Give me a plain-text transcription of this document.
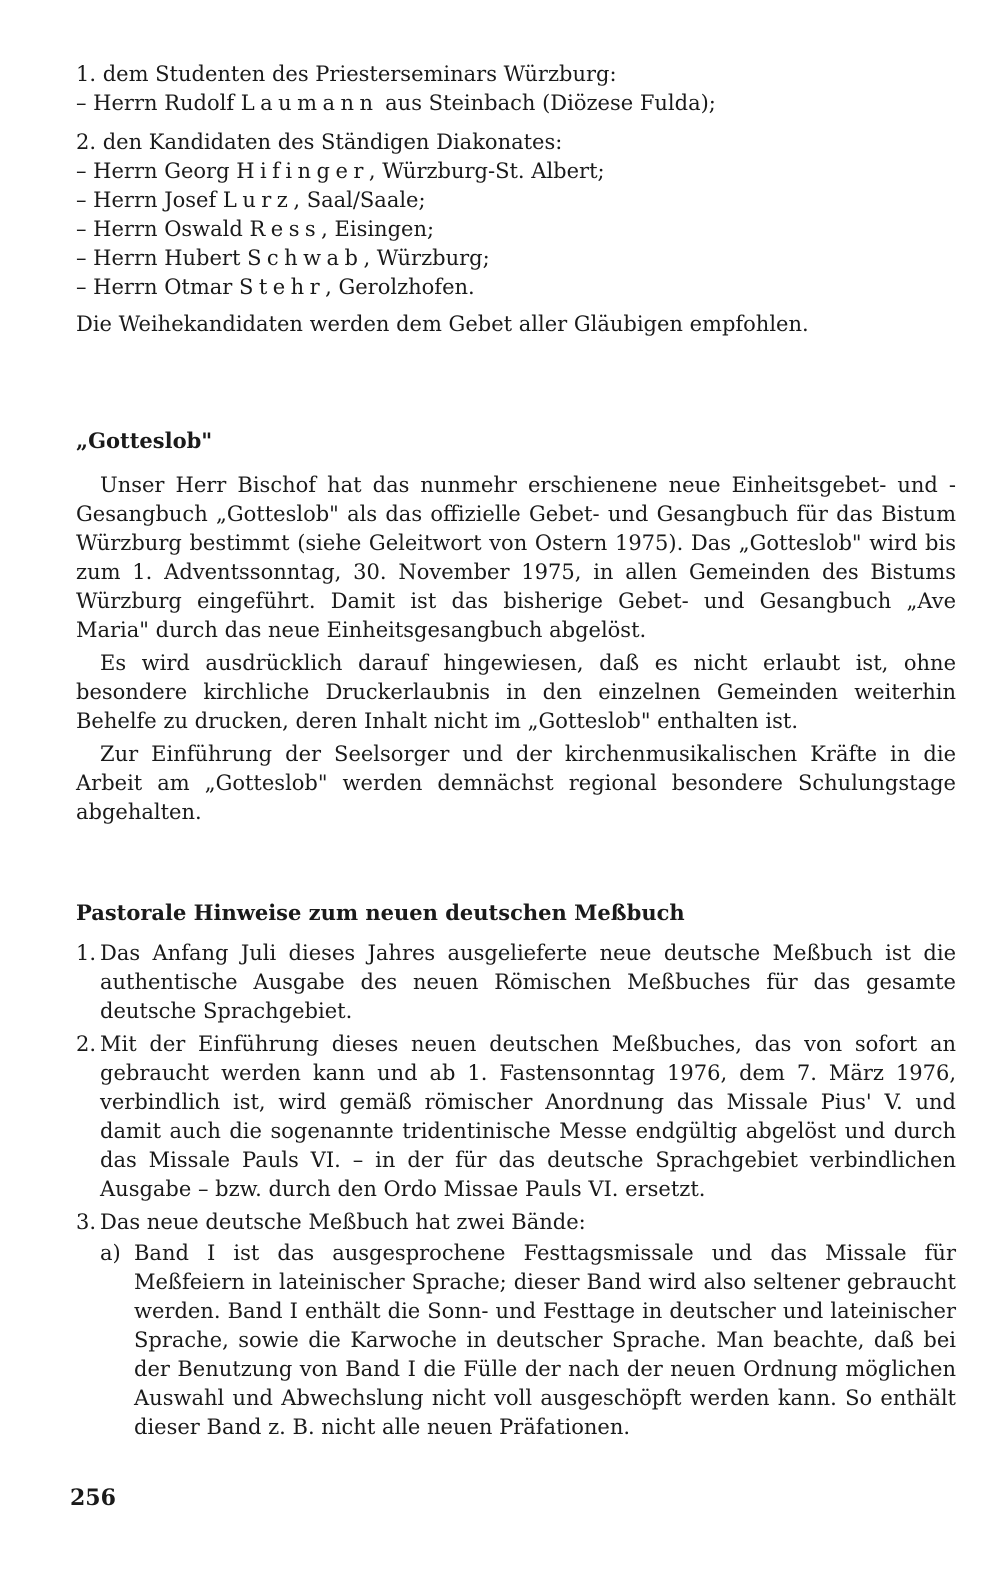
1. dem Studenten des Priesterseminars Würzburg:
– Herrn Rudolf Laumann aus Steinbach (Diözese Fulda);
2. den Kandidaten des Ständigen Diakonates:
– Herrn Georg Hifinger, Würzburg-St. Albert;
– Herrn Josef Lurz, Saal/Saale;
– Herrn Oswald Ress, Eisingen;
– Herrn Hubert Schwab, Würzburg;
– Herrn Otmar Stehr, Gerolzhofen.
Die Weihekandidaten werden dem Gebet aller Gläubigen empfohlen.
„Gotteslob"
Unser Herr Bischof hat das nunmehr erschienene neue Einheitsgebet- und -Gesangbuch „Gotteslob" als das offizielle Gebet- und Gesangbuch für das Bistum Würzburg bestimmt (siehe Geleitwort von Ostern 1975). Das „Gotteslob" wird bis zum 1. Adventssonntag, 30. November 1975, in allen Gemeinden des Bistums Würzburg eingeführt. Damit ist das bisherige Gebet- und Gesangbuch „Ave Maria" durch das neue Einheitsgesangbuch abgelöst.
Es wird ausdrücklich darauf hingewiesen, daß es nicht erlaubt ist, ohne besondere kirchliche Druckerlaubnis in den einzelnen Gemeinden weiterhin Behelfe zu drucken, deren Inhalt nicht im „Gotteslob" enthalten ist.
Zur Einführung der Seelsorger und der kirchenmusikalischen Kräfte in die Arbeit am „Gotteslob" werden demnächst regional besondere Schulungstage abgehalten.
Pastorale Hinweise zum neuen deutschen Meßbuch
1. Das Anfang Juli dieses Jahres ausgelieferte neue deutsche Meßbuch ist die authentische Ausgabe des neuen Römischen Meßbuches für das gesamte deutsche Sprachgebiet.
2. Mit der Einführung dieses neuen deutschen Meßbuches, das von sofort an gebraucht werden kann und ab 1. Fastensonntag 1976, dem 7. März 1976, verbindlich ist, wird gemäß römischer Anordnung das Missale Pius' V. und damit auch die sogenannte tridentinische Messe endgültig abgelöst und durch das Missale Pauls VI. – in der für das deutsche Sprachgebiet verbindlichen Ausgabe – bzw. durch den Ordo Missae Pauls VI. ersetzt.
3. Das neue deutsche Meßbuch hat zwei Bände:
a) Band I ist das ausgesprochene Festtagsmissale und das Missale für Meßfeiern in lateinischer Sprache; dieser Band wird also seltener gebraucht werden. Band I enthält die Sonn- und Festtage in deutscher und lateinischer Sprache, sowie die Karwoche in deutscher Sprache. Man beachte, daß bei der Benutzung von Band I die Fülle der nach der neuen Ordnung möglichen Auswahl und Abwechslung nicht voll ausgeschöpft werden kann. So enthält dieser Band z. B. nicht alle neuen Präfationen.
256
